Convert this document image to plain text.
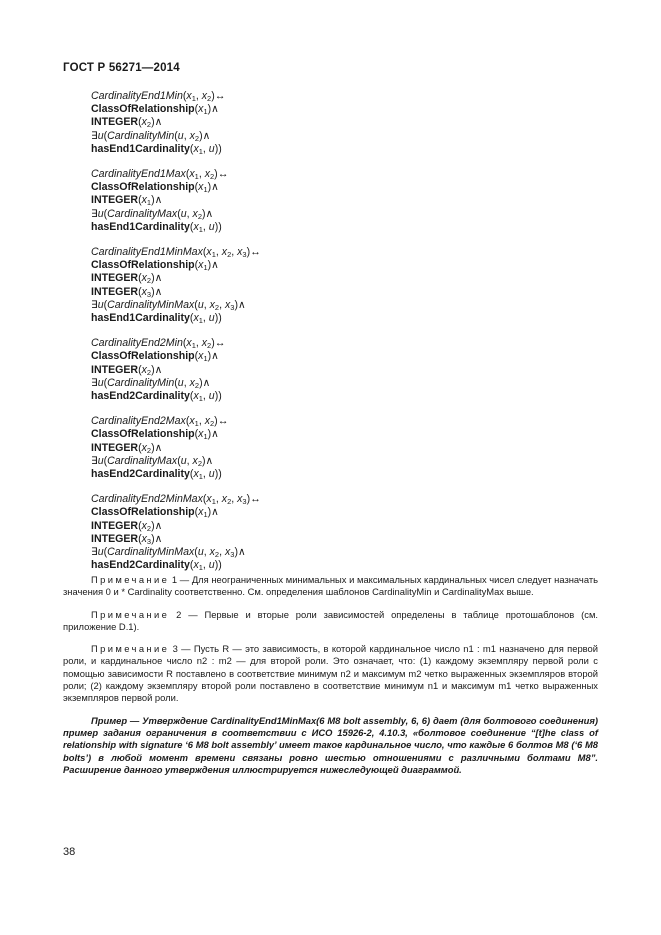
ГОСТ Р 56271—2014
$CardinalityEnd1Min(x_1$, $x_2)\leftrightarrow$
$ClassOfRelationship(x_1)\wedge$
$INTEGER(x_2)\wedge$
∃u(CardinalityMin(u, $x_2)\wedge$
$hasEnd1Cardinality(x_1$, u))
$CardinalityEnd1Max(x_1$, $x_2)\leftrightarrow$
$ClassOfRelationship(x_1)\wedge$
$INTEGER(x_1)\wedge$
∃u(CardinalityMax(u, $x_2)\wedge$
$hasEnd1Cardinality(x_1$, u))
$CardinalityEnd1MinMax(x_1$, $x_2$, $x_3)\leftrightarrow$
$ClassOfRelationship(x_1)\wedge$
$INTEGER(x_2)\wedge$
$INTEGER(x_3)\wedge$
∃u(CardinalityMinMax(u, $x_2$, $x_3)\wedge$
$hasEnd1Cardinality(x_1$, u))
$CardinalityEnd2Min(x_1$, $x_2)\leftrightarrow$
$ClassOfRelationship(x_1)\wedge$
$INTEGER(x_2)\wedge$
∃u(CardinalityMin(u, $x_2)\wedge$
$hasEnd2Cardinality(x_1$, u))
$CardinalityEnd2Max(x_1$, $x_2)\leftrightarrow$
$ClassOfRelationship(x_1)\wedge$
$INTEGER(x_2)\wedge$
∃u(CardinalityMax(u, $x_2)\wedge$
$hasEnd2Cardinality(x_1$, u))
$CardinalityEnd2MinMax(x_1$, $x_2$, $x_3)\leftrightarrow$
$ClassOfRelationship(x_1)\wedge$
$INTEGER(x_2)\wedge$
$INTEGER(x_3)\wedge$
∃u(CardinalityMinMax(u, $x_2$, $x_3)\wedge$
$hasEnd2Cardinality(x_1$, u))

Примечание 1 — Для неограниченных минимальных и максимальных кардинальных чисел следует назначать значения 0 и * Cardinality соответственно. См. определения шаблонов CardinalityMin и CardinalityMax выше.

Примечание 2 — Первые и вторые роли зависимостей определены в таблице протошаблонов (см. приложение D.1).

Примечание 3 — Пусть R — это зависимость, в которой кардинальное число n1 : m1 назначено для первой роли, и кардинальное число n2 : m2 — для второй роли. Это означает, что: (1) каждому экземпляру первой роли с помощью зависимости R поставлено в соответствие минимум n2 и максимум m2 четко выраженных экземпляров второй роли; (2) каждому экземпляру второй роли поставлено в соответствие минимум n1 и максимум m1 четко выраженных экземпляров первой роли.

Пример — Утверждение CardinalityEnd1MinMax(6 M8 bolt assembly, 6, 6) дает (для болтового соединения) пример задания ограничения в соответствии с ИСО 15926-2, 4.10.3, «болтовое соединение “[t]he class of relationship with signature ‘6 M8 bolt assembly’ имеет такое кардинальное число, что каждые 6 болтов M8 (‘6 M8 bolts’) в любой момент времени связаны ровно шестью отношениями с различными болтами M8”. Расширение данного утверждения иллюстрируется нижеследующей диаграммой.

38
